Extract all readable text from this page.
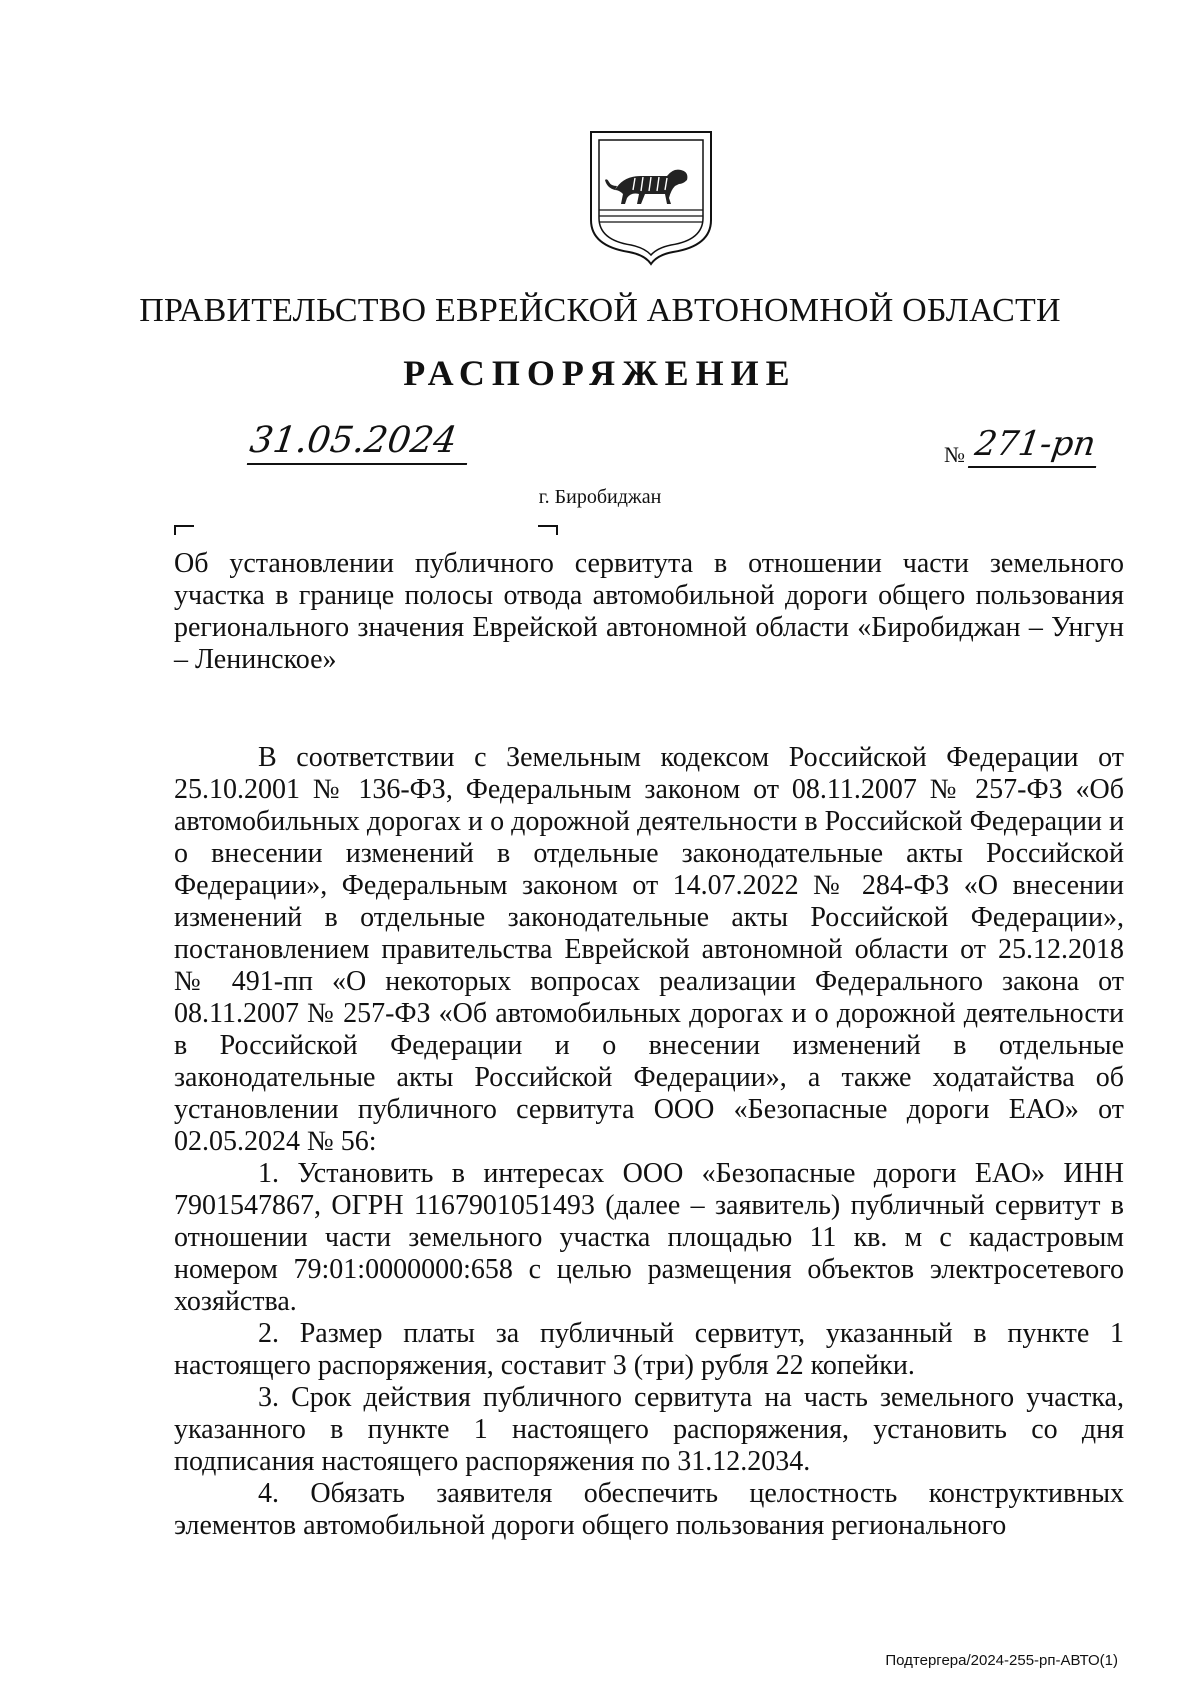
ПРАВИТЕЛЬСТВО ЕВРЕЙСКОЙ АВТОНОМНОЙ ОБЛАСТИ
РАСПОРЯЖЕНИЕ
31.05.2024	№ 271-рп
г. Биробиджан
Об установлении публичного сервитута в отношении части земельного участка в границе полосы отвода автомобильной дороги общего пользования регионального значения Еврейской автономной области «Биробиджан – Унгун – Ленинское»

В соответствии с Земельным кодексом Российской Федерации от 25.10.2001 № 136-ФЗ, Федеральным законом от 08.11.2007 № 257-ФЗ «Об автомобильных дорогах и о дорожной деятельности в Российской Федерации и о внесении изменений в отдельные законодательные акты Российской Федерации», Федеральным законом от 14.07.2022 № 284-ФЗ «О внесении изменений в отдельные законодательные акты Российской Федерации», постановлением правительства Еврейской автономной области от 25.12.2018 № 491-пп «О некоторых вопросах реализации Федерального закона от 08.11.2007 № 257-ФЗ «Об автомобильных дорогах и о дорожной деятельности в Российской Федерации и о внесении изменений в отдельные законодательные акты Российской Федерации», а также ходатайства об установлении публичного сервитута ООО «Безопасные дороги ЕАО» от 02.05.2024 № 56:

1. Установить в интересах ООО «Безопасные дороги ЕАО» ИНН 7901547867, ОГРН 1167901051493 (далее – заявитель) публичный сервитут в отношении части земельного участка площадью 11 кв. м с кадастровым номером 79:01:0000000:658 с целью размещения объектов электросетевого хозяйства.

2. Размер платы за публичный сервитут, указанный в пункте 1 настоящего распоряжения, составит 3 (три) рубля 22 копейки.

3. Срок действия публичного сервитута на часть земельного участка, указанного в пункте 1 настоящего распоряжения, установить со дня подписания настоящего распоряжения по 31.12.2034.

4. Обязать заявителя обеспечить целостность конструктивных элементов автомобильной дороги общего пользования регионального

Подтергера/2024-255-рп-АВТО(1)
